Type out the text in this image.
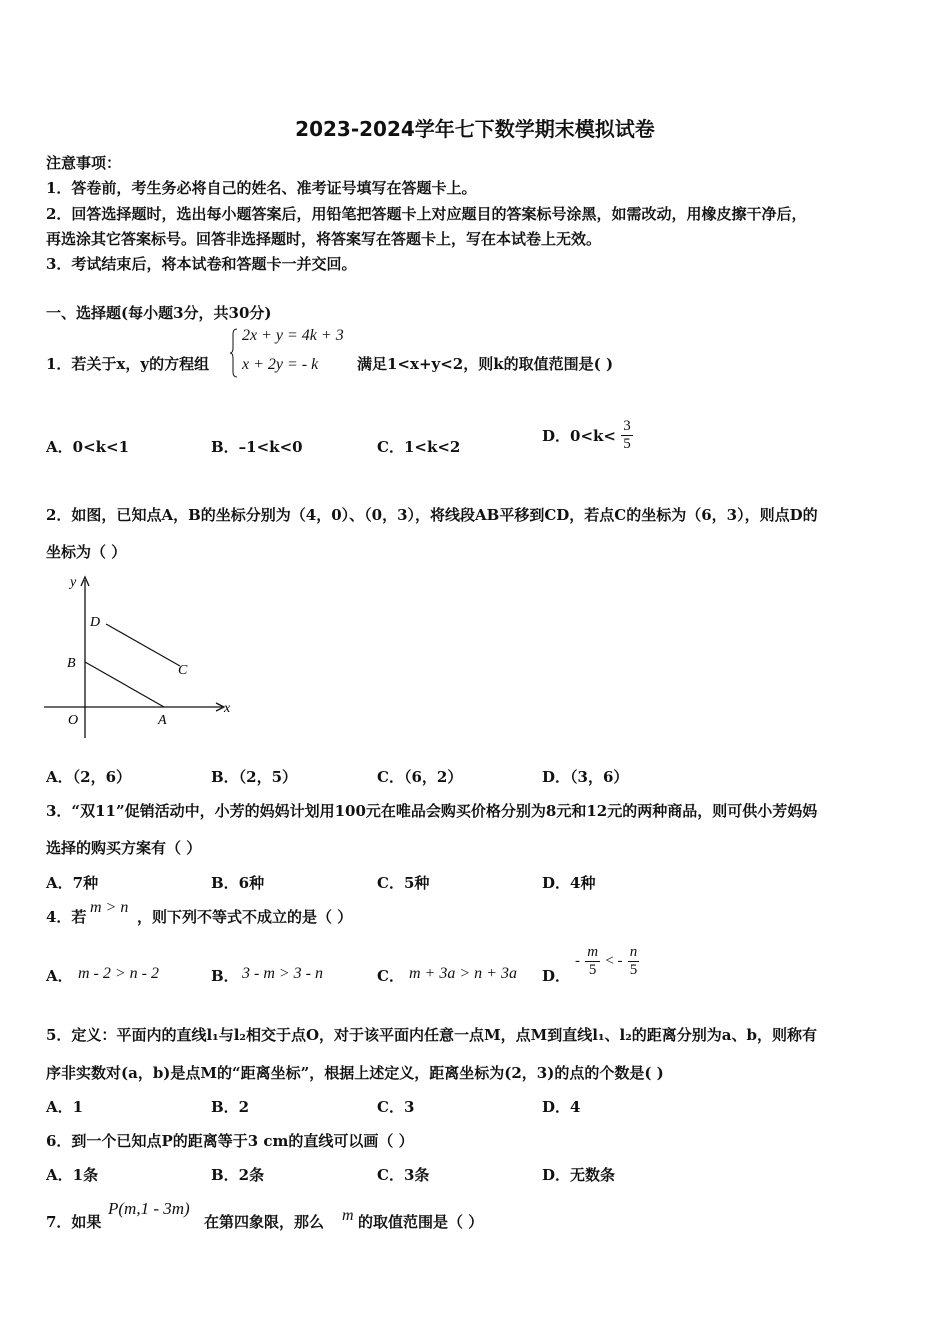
2023-2024学年七下数学期末模拟试卷
注意事项：
1．答卷前，考生务必将自己的姓名、准考证号填写在答题卡上。
2．回答选择题时，选出每小题答案后，用铅笔把答题卡上对应题目的答案标号涂黑，如需改动，用橡皮擦干净后，
再选涂其它答案标号。回答非选择题时，将答案写在答题卡上，写在本试卷上无效。
3．考试结束后，将本试卷和答题卡一并交回。
一、选择题(每小题3分，共30分)
1．若关于x，y的方程组
2x + y = 4k + 3
x + 2y = - k	满足1<x+y<2，则k的取值范围是( )
A．0<k<1	B．–1<k<0	C．1<k<2
D．$0<k< \frac{3}{5}$
2．如图，已知点A，B的坐标分别为（4，0）、（0，3），将线段AB平移到CD，若点C的坐标为（6，3），则点D的
坐标为（ ）
x
y
O	A
B	C
D
A．（2，6）	B．（2，5）	C．（6，2）	D．（3，6）
3．“双11”促销活动中，小芳的妈妈计划用100元在唯品会购买价格分别为8元和12元的两种商品，则可供小芳妈妈
选择的购买方案有（ ）
A．7种	B．6种	C．5种	D．4种
4．若
m > n
，则下列不等式不成立的是（ ）
A． m - 2 > n - 2	B． 3 - m > 3 - n	C． m + 3a > n + 3a D．
- $\frac{m}{5}$ < - $\frac{n}{5}$
5．定义：平面内的直线l₁与l₂相交于点O，对于该平面内任意一点M，点M到直线l₁、l₂的距离分别为a、b，则称有
序非实数对(a，b)是点M的“距离坐标”，根据上述定义，距离坐标为(2，3)的点的个数是( )
A．1	B．2	C．3	D．4
6．到一个已知点P的距离等于3 cm的直线可以画（ ）
A．1条	B．2条	C．3条	D．无数条
7．如果
P(m,1 - 3m)
在第四象限，那么 m 的取值范围是（ ）
